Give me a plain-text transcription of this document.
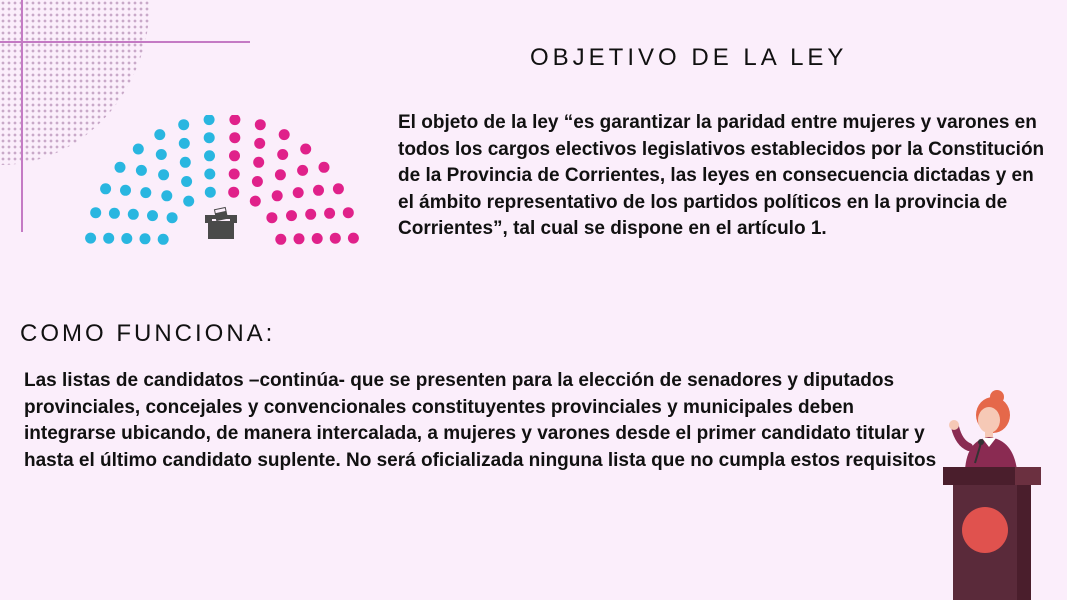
OBJETIVO DE LA LEY

El objeto de la ley “es garantizar la paridad entre mujeres y varones en todos los cargos electivos legislativos establecidos por la Constitución de la Provincia de Corrientes, las leyes en consecuencia dictadas y en el ámbito representativo de los partidos políticos en la provincia de Corrientes”, tal cual se dispone en el artículo 1.

COMO FUNCIONA:

Las listas de candidatos –continúa- que se presenten para la elección de senadores y diputados provinciales, concejales y convencionales constituyentes provinciales y municipales deben integrarse ubicando, de manera intercalada, a mujeres y varones desde el primer candidato titular y hasta el último candidato suplente. No será oficializada ninguna lista que no cumpla estos requisitos
